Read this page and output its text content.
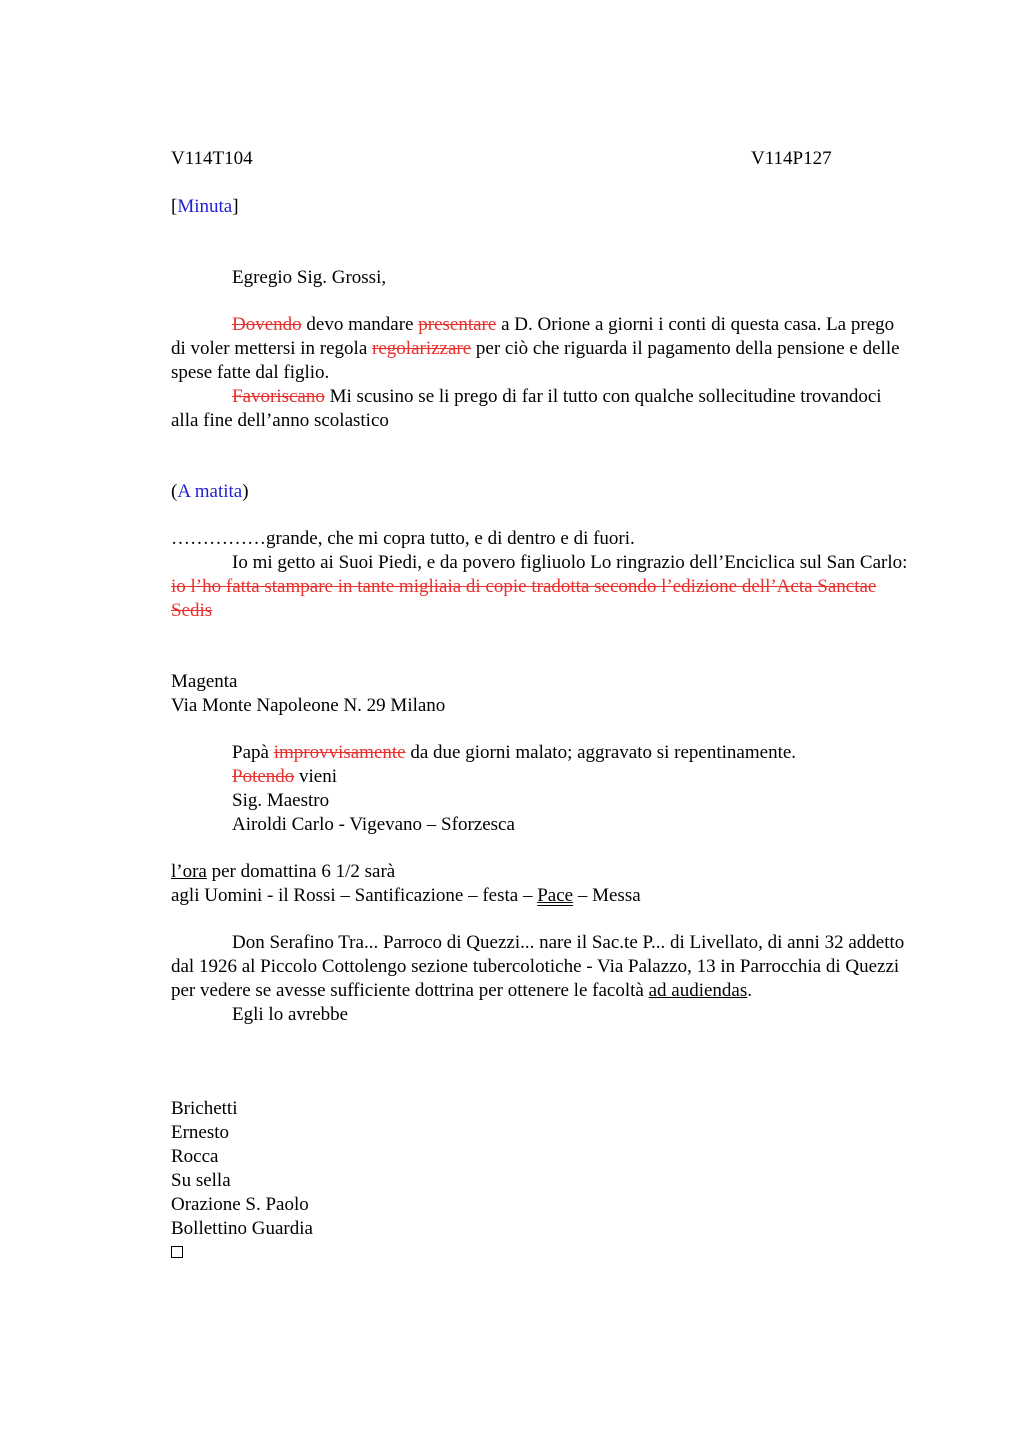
V114T104	V114P127
[Minuta]
Egregio Sig. Grossi,

Dovendo devo mandare presentare a D. Orione a giorni i conti di questa casa. La prego di voler mettersi in regola regolarizzare per ciò che riguarda il pagamento della pensione e delle spese fatte dal figlio.

Favoriscano Mi scusino se li prego di far il tutto con qualche sollecitudine trovandoci alla fine dell’anno scolastico

(A matita)

……………grande, che mi copra tutto, e di dentro e di fuori.

Io mi getto ai Suoi Piedi, e da povero figliuolo Lo ringrazio dell’Enciclica sul San Carlo: io l’ho fatta stampare in tante migliaia di copie tradotta secondo l’edizione dell’Acta Sanctae Sedis

Magenta

Via Monte Napoleone N. 29 Milano

Papà improvvisamente da due giorni malato; aggravato si repentinamente.

Potendo vieni

Sig. Maestro

Airoldi Carlo - Vigevano – Sforzesca

l’ora per domattina 6 1/2 sarà

agli Uomini - il Rossi – Santificazione – festa – Pace – Messa

Don Serafino Tra... Parroco di Quezzi... nare il Sac.te P... di Livellato, di anni 32 addetto dal 1926 al Piccolo Cottolengo sezione tubercolotiche - Via Palazzo, 13 in Parrocchia di Quezzi per vedere se avesse sufficiente dottrina per ottenere le facoltà ad audiendas.

Egli lo avrebbe

Brichetti

Ernesto

Rocca

Su sella

Orazione S. Paolo

Bollettino Guardia
